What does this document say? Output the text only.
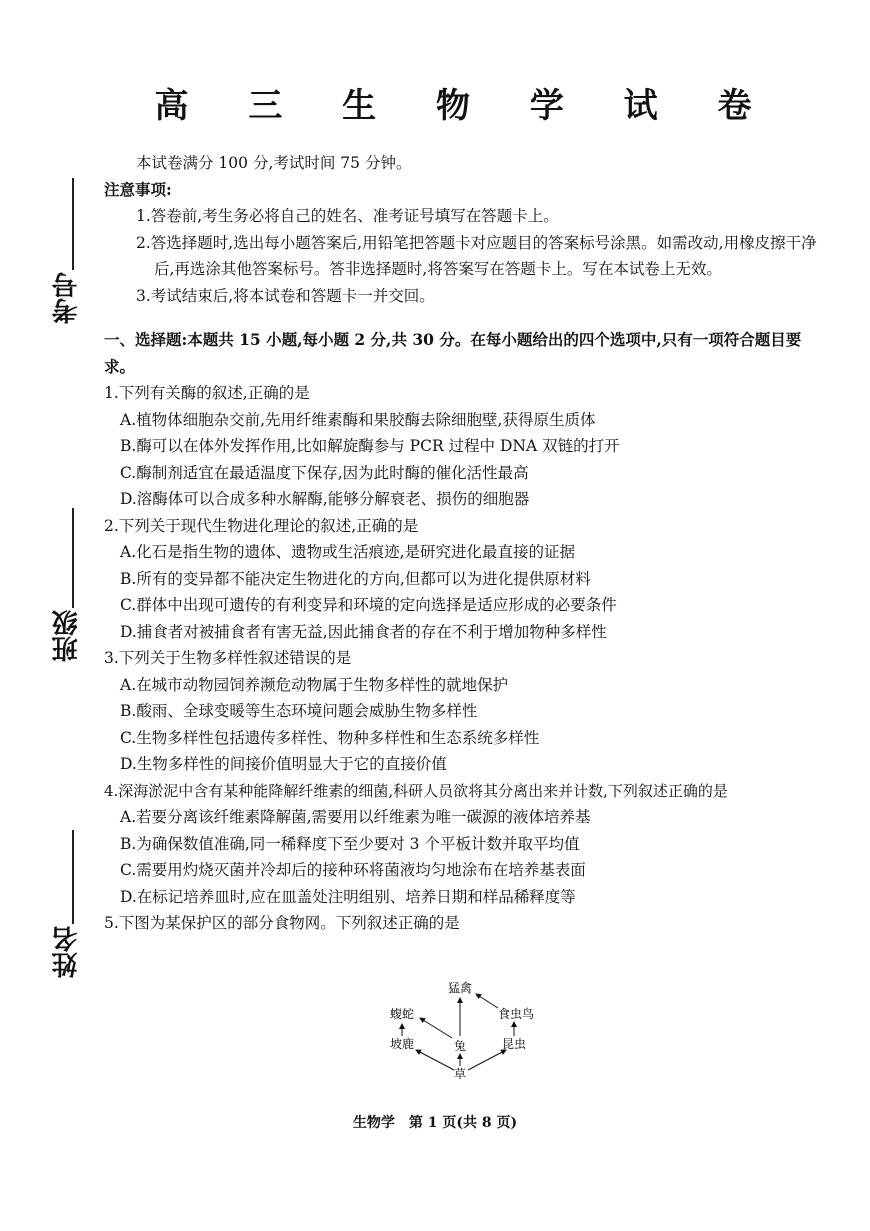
考号
班级
姓名
高 三 生 物 学 试 卷
本试卷满分 100 分,考试时间 75 分钟。
注意事项:
1.答卷前,考生务必将自己的姓名、准考证号填写在答题卡上。
2.答选择题时,选出每小题答案后,用铅笔把答题卡对应题目的答案标号涂黑。如需改动,用橡皮擦干净后,再选涂其他答案标号。答非选择题时,将答案写在答题卡上。写在本试卷上无效。
3.考试结束后,将本试卷和答题卡一并交回。
一、选择题:本题共 15 小题,每小题 2 分,共 30 分。在每小题给出的四个选项中,只有一项符合题目要求。
1.下列有关酶的叙述,正确的是
A.植物体细胞杂交前,先用纤维素酶和果胶酶去除细胞壁,获得原生质体
B.酶可以在体外发挥作用,比如解旋酶参与 PCR 过程中 DNA 双链的打开
C.酶制剂适宜在最适温度下保存,因为此时酶的催化活性最高
D.溶酶体可以合成多种水解酶,能够分解衰老、损伤的细胞器
2.下列关于现代生物进化理论的叙述,正确的是
A.化石是指生物的遗体、遗物或生活痕迹,是研究进化最直接的证据
B.所有的变异都不能决定生物进化的方向,但都可以为进化提供原材料
C.群体中出现可遗传的有利变异和环境的定向选择是适应形成的必要条件
D.捕食者对被捕食者有害无益,因此捕食者的存在不利于增加物种多样性
3.下列关于生物多样性叙述错误的是
A.在城市动物园饲养濒危动物属于生物多样性的就地保护
B.酸雨、全球变暖等生态环境问题会威胁生物多样性
C.生物多样性包括遗传多样性、物种多样性和生态系统多样性
D.生物多样性的间接价值明显大于它的直接价值
4.深海淤泥中含有某种能降解纤维素的细菌,科研人员欲将其分离出来并计数,下列叙述正确的是
A.若要分离该纤维素降解菌,需要用以纤维素为唯一碳源的液体培养基
B.为确保数值准确,同一稀释度下至少要对 3 个平板计数并取平均值
C.需要用灼烧灭菌并冷却后的接种环将菌液均匀地涂布在培养基表面
D.在标记培养皿时,应在皿盖处注明组别、培养日期和样品稀释度等
5.下图为某保护区的部分食物网。下列叙述正确的是
猛禽
蝮蛇	食虫鸟
坡鹿	兔	昆虫
草
生物学　第 1 页(共 8 页)
